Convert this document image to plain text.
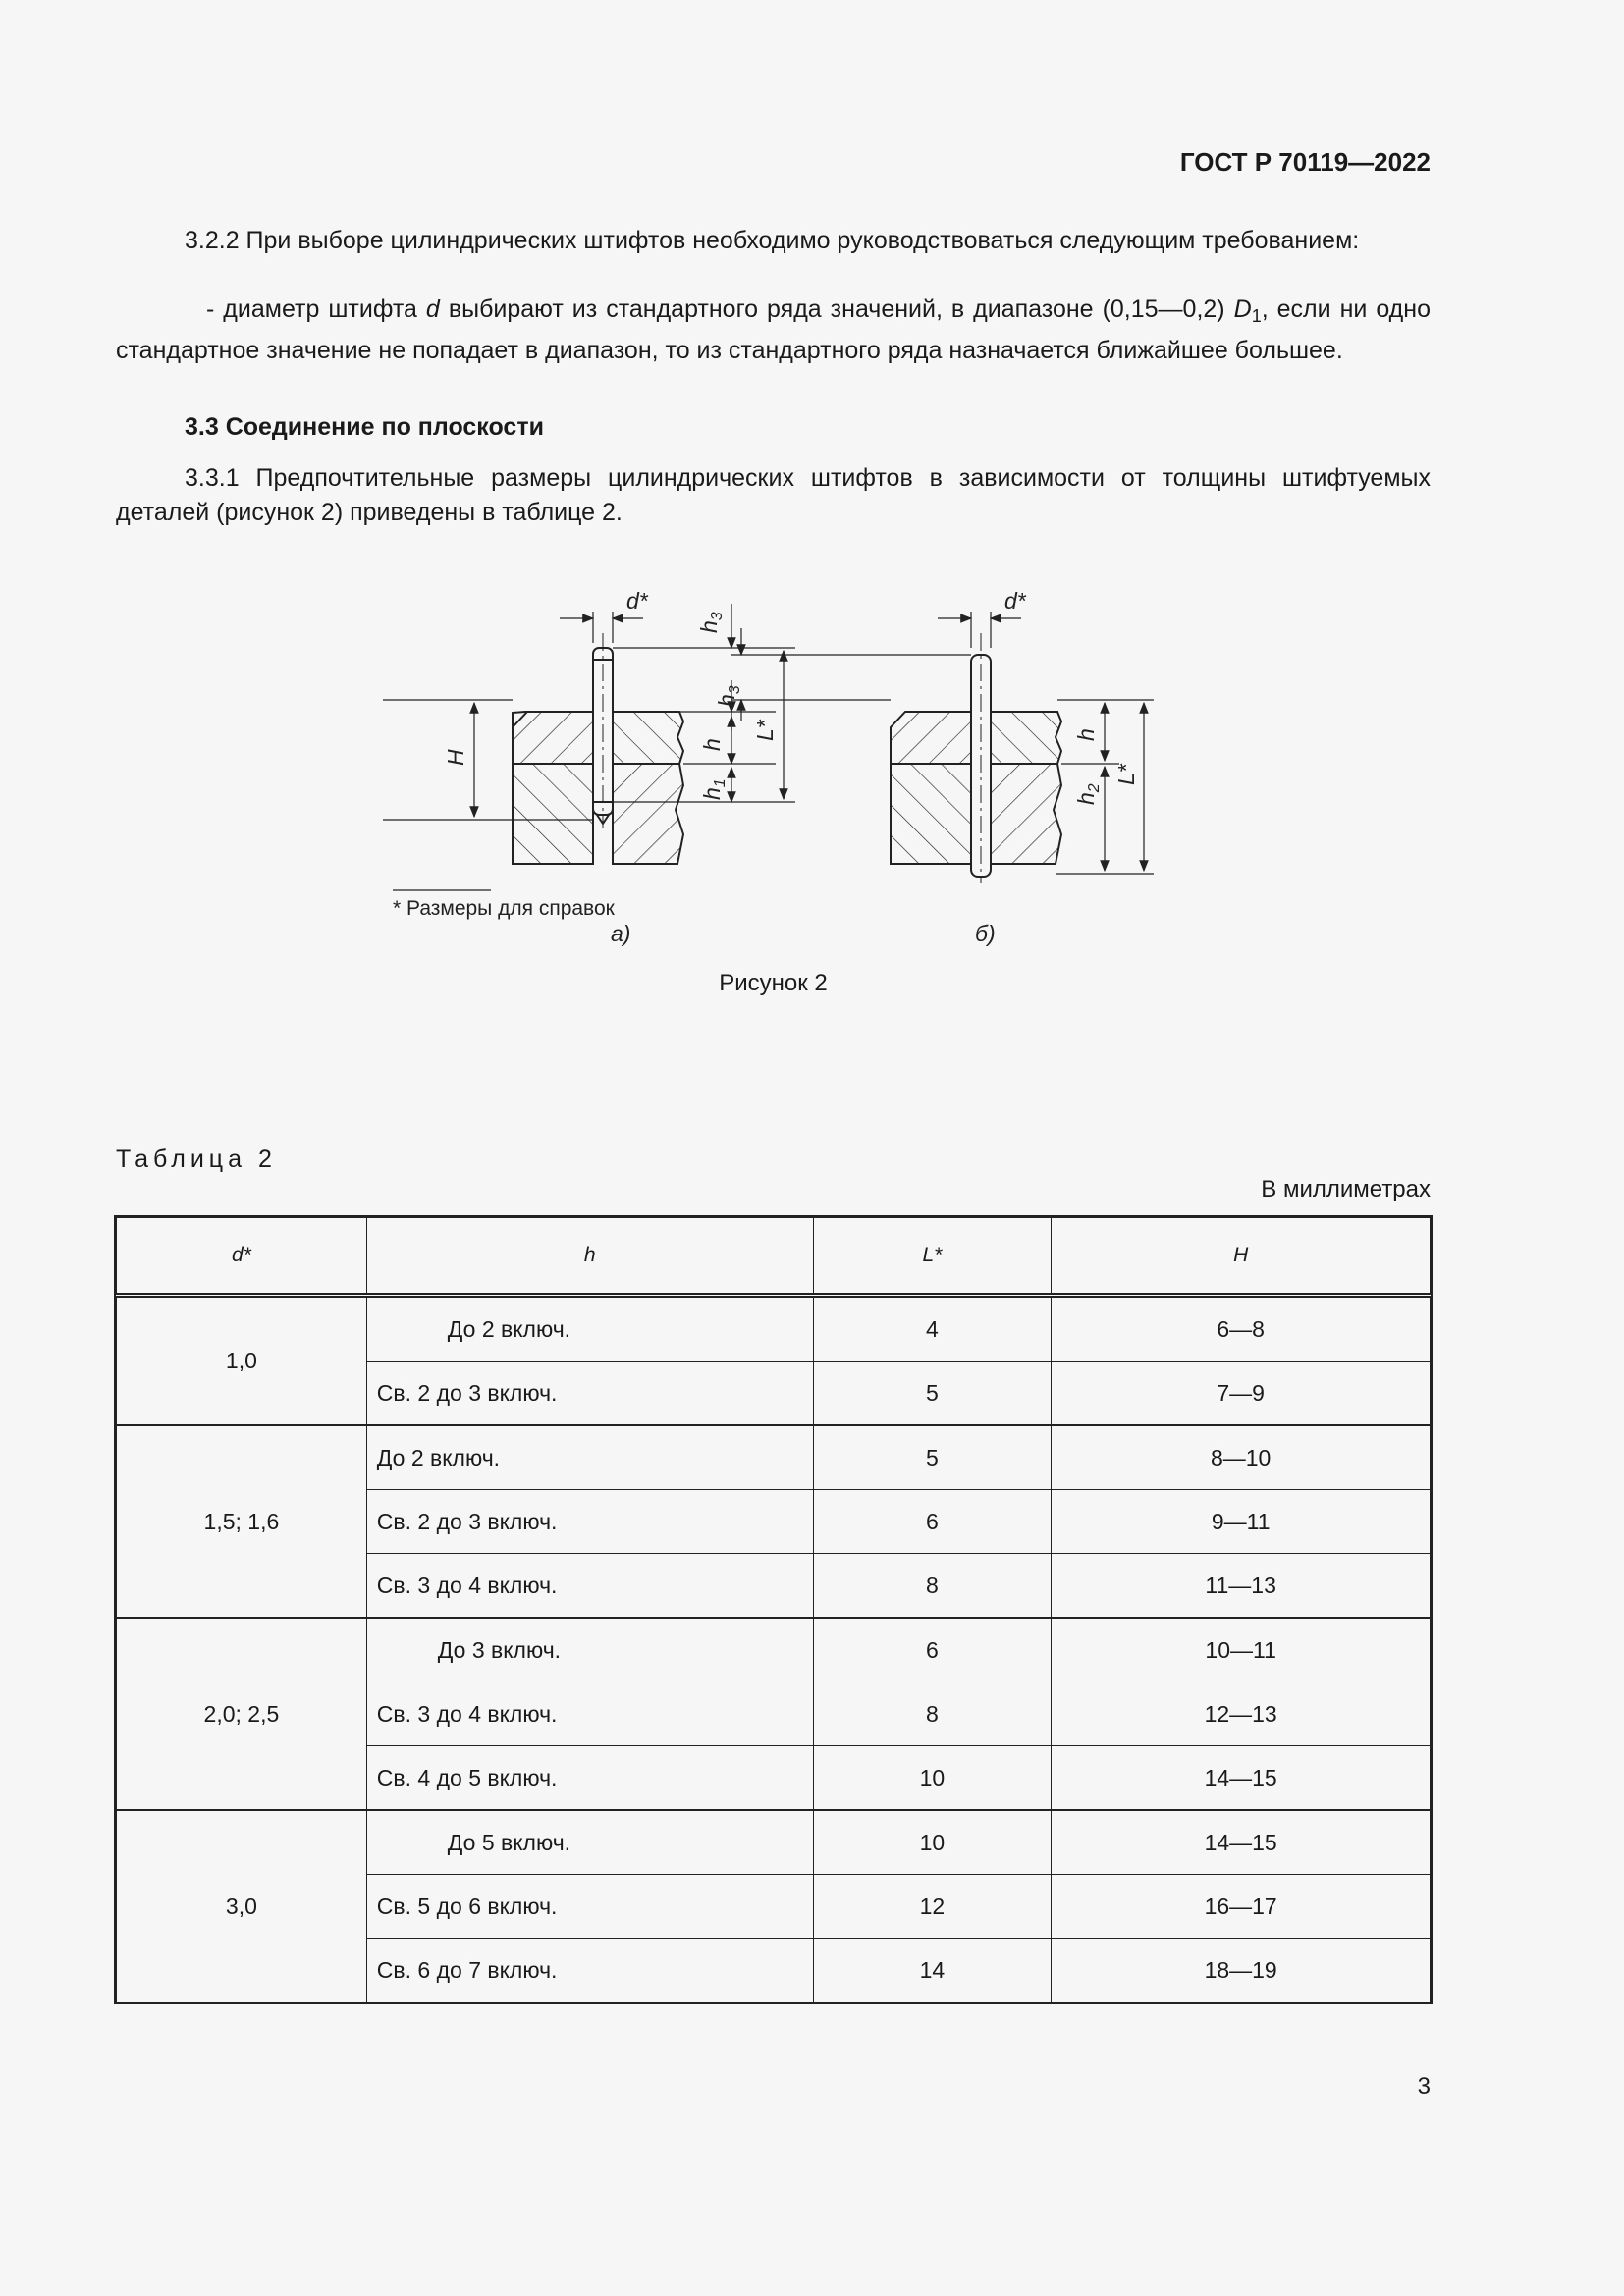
ГОСТ Р 70119—2022

3.2.2 При выборе цилиндрических штифтов необходимо руководствоваться следующим требованием:

- диаметр штифта d выбирают из стандартного ряда значений, в диапазоне (0,15—0,2) $D_1$, если ни одно стандартное значение не попадает в диапазон, то из стандартного ряда назначается ближайшее большее.

3.3 Соединение по плоскости

3.3.1 Предпочтительные размеры цилиндрических штифтов в зависимости от толщины штифтуемых деталей (рисунок 2) приведены в таблице 2.

d*
$h_3$
h
$h_1$
L*
H
d*
$h_3$
h
$h_2$
L*
* Размеры для справок
а)	б)
Рисунок 2
Таблица 2
В миллиметрах
d*	h	L*	H
1,0	До 2 включ.	4	6—8
	Св. 2 до 3 включ.	5	7—9
1,5; 1,6	До 2 включ.	5	8—10
	Св. 2 до 3 включ.	6	9—11
	Св. 3 до 4 включ.	8	11—13
2,0; 2,5	До 3 включ.	6	10—11
	Св. 3 до 4 включ.	8	12—13
	Св. 4 до 5 включ.	10	14—15
3,0	До 5 включ.	10	14—15
	Св. 5 до 6 включ.	12	16—17
	Св. 6 до 7 включ.	14	18—19
3
